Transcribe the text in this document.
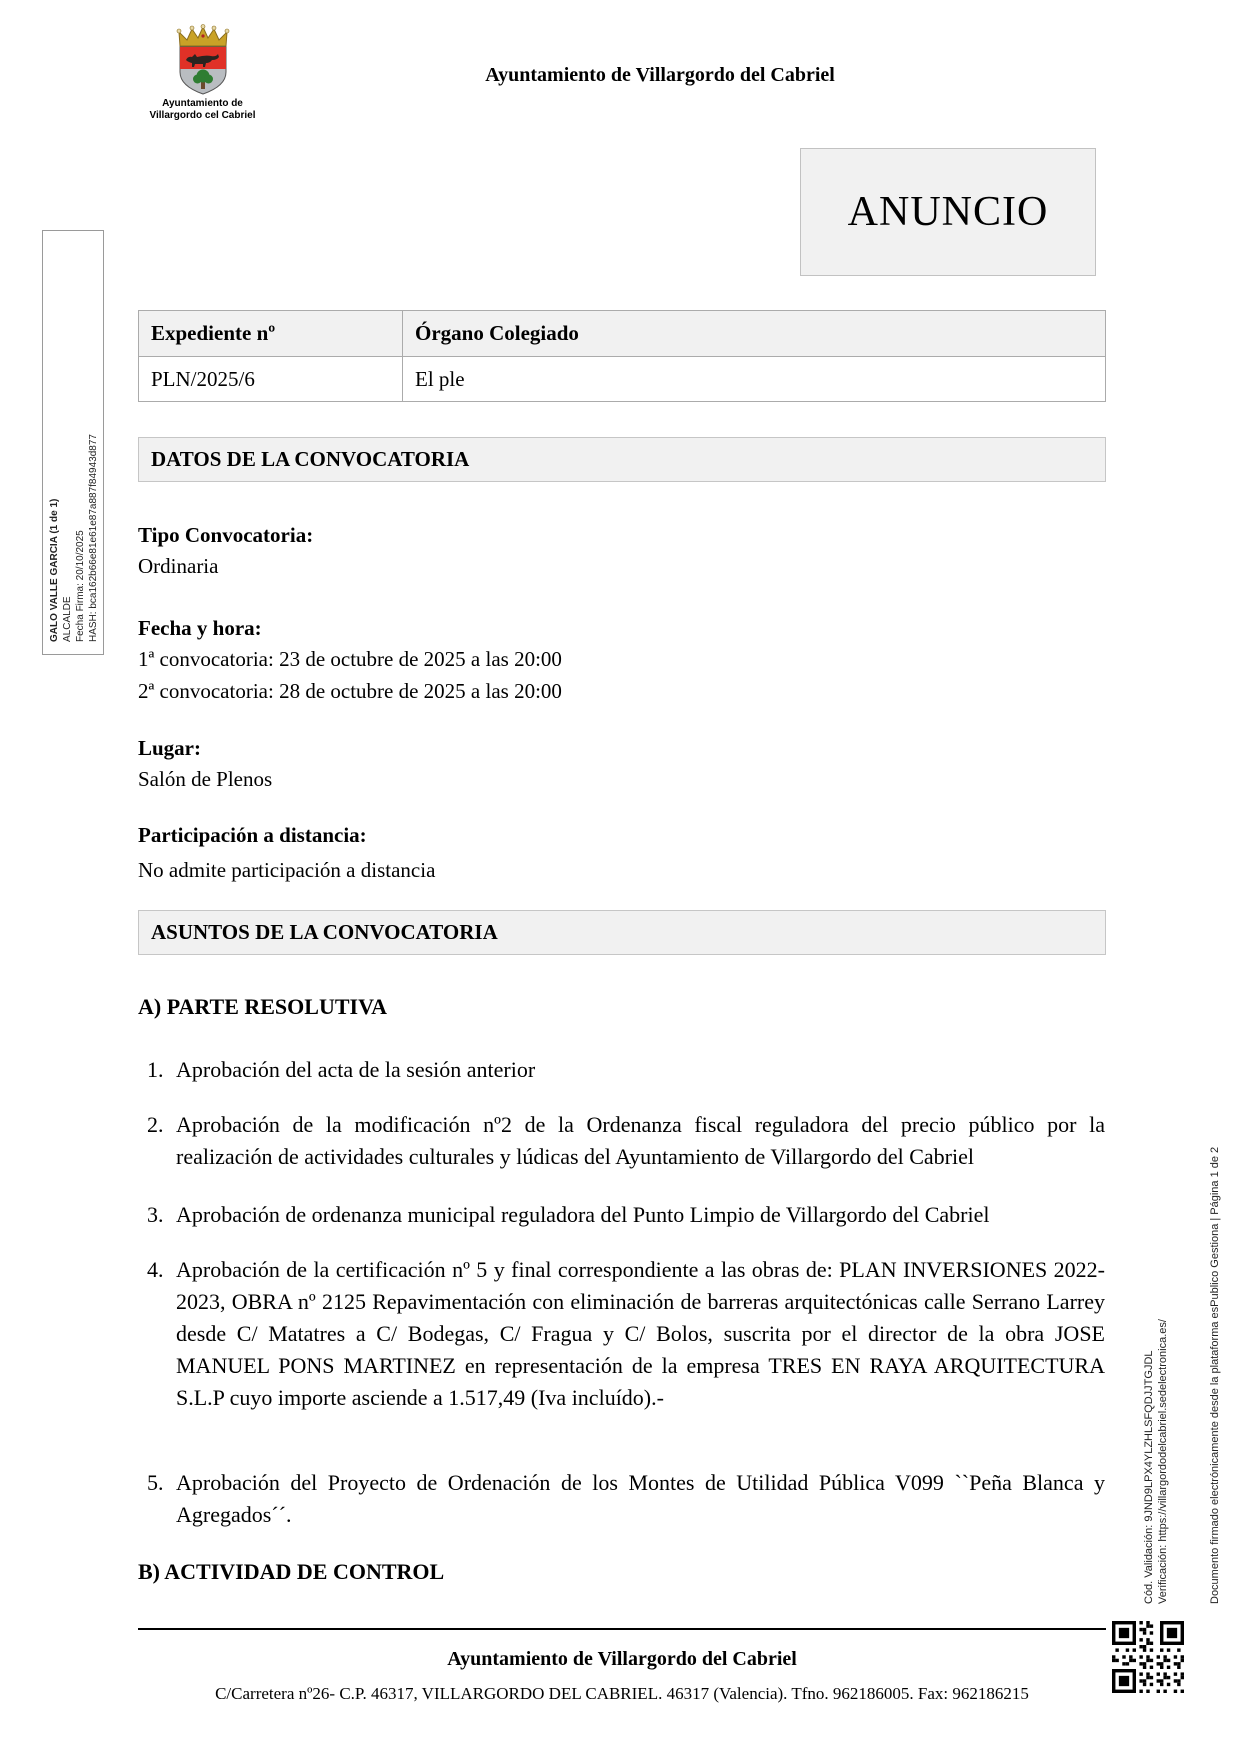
Ayuntamiento de
Villargordo cel Cabriel
Ayuntamiento de Villargordo del Cabriel
ANUNCIO
Expediente nº	Órgano Colegiado
PLN/2025/6	El ple
DATOS DE LA CONVOCATORIA
Tipo Convocatoria:
Ordinaria
Fecha y hora:
1ª convocatoria: 23 de octubre de 2025 a las 20:00
2ª convocatoria: 28 de octubre de 2025 a las 20:00
Lugar:
Salón de Plenos
Participación a distancia:
No admite participación a distancia
ASUNTOS DE LA CONVOCATORIA
A) PARTE RESOLUTIVA
1. Aprobación del acta de la sesión anterior
2. Aprobación de la modificación nº2 de la Ordenanza fiscal reguladora del precio público por la realización de actividades culturales y lúdicas del Ayuntamiento de Villargordo del Cabriel
3. Aprobación de ordenanza municipal reguladora del Punto Limpio de Villargordo del Cabriel
4. Aprobación de la certificación nº 5 y final correspondiente a las obras de: PLAN INVERSIONES 2022-2023, OBRA nº 2125 Repavimentación con eliminación de barreras arquitectónicas calle Serrano Larrey desde C/ Matatres a C/ Bodegas, C/ Fragua y C/ Bolos, suscrita por el director de la obra JOSE MANUEL PONS MARTINEZ en representación de la empresa TRES EN RAYA ARQUITECTURA S.L.P cuyo importe asciende a 1.517,49 (Iva incluído).-
5. Aprobación del Proyecto de Ordenación de los Montes de Utilidad Pública V099 ``Peña Blanca y Agregados´´.
B) ACTIVIDAD DE CONTROL
Ayuntamiento de Villargordo del Cabriel
C/Carretera nº26- C.P. 46317, VILLARGORDO DEL CABRIEL. 46317 (Valencia). Tfno. 962186005. Fax: 962186215
GALO VALLE GARCIA (1 de 1) ALCALDE Fecha Firma: 20/10/2025 HASH: bca162b66e81e61e87a887f84943d877
Cód. Validación: 9JND9LPX4YLZHLSFQDJJTGJDL Verificación: https://villargordodelcabriel.sedelectronica.es/	Documento firmado electrónicamente desde la plataforma esPublico Gestiona | Página 1 de 2
